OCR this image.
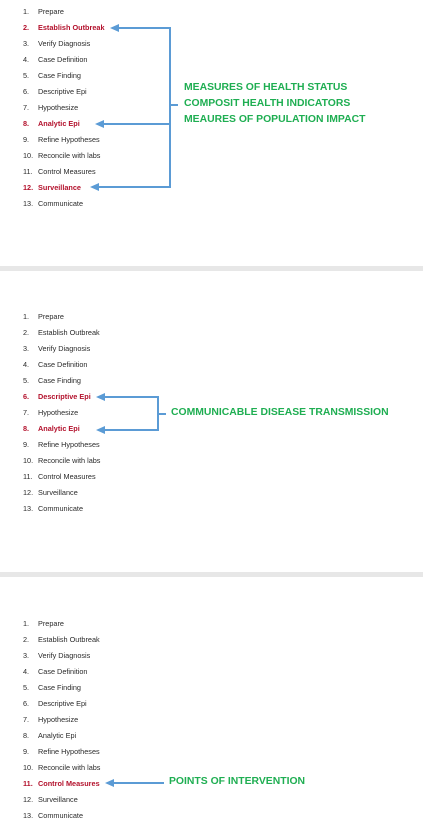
1. Prepare
2. Establish Outbreak
3. Verify Diagnosis
4. Case Definition
5. Case Finding
6. Descriptive Epi
7. Hypothesize
8. Analytic Epi
9. Refine Hypotheses
10. Reconcile with labs
11. Control Measures
12. Surveillance
13. Communicate

MEASURES OF HEALTH STATUS
COMPOSIT HEALTH INDICATORS
MEAURES OF POPULATION IMPACT

1. Prepare
2. Establish Outbreak
3. Verify Diagnosis
4. Case Definition
5. Case Finding
6. Descriptive Epi
7. Hypothesize
8. Analytic Epi
9. Refine Hypotheses
10. Reconcile with labs
11. Control Measures
12. Surveillance
13. Communicate

COMMUNICABLE DISEASE TRANSMISSION

1. Prepare
2. Establish Outbreak
3. Verify Diagnosis
4. Case Definition
5. Case Finding
6. Descriptive Epi
7. Hypothesize
8. Analytic Epi
9. Refine Hypotheses
10. Reconcile with labs
11. Control Measures
12. Surveillance
13. Communicate

POINTS OF INTERVENTION
